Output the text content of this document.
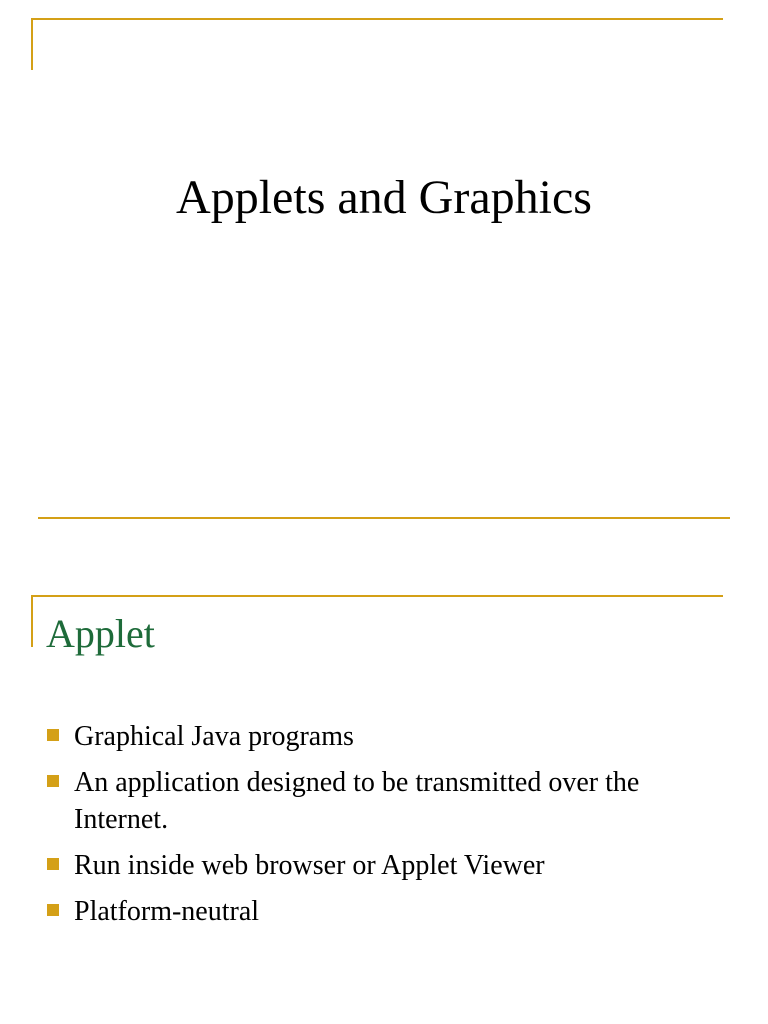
Applets and Graphics
Applet
Graphical Java programs
An application designed to be transmitted over the Internet.
Run inside web browser or Applet Viewer
Platform-neutral
